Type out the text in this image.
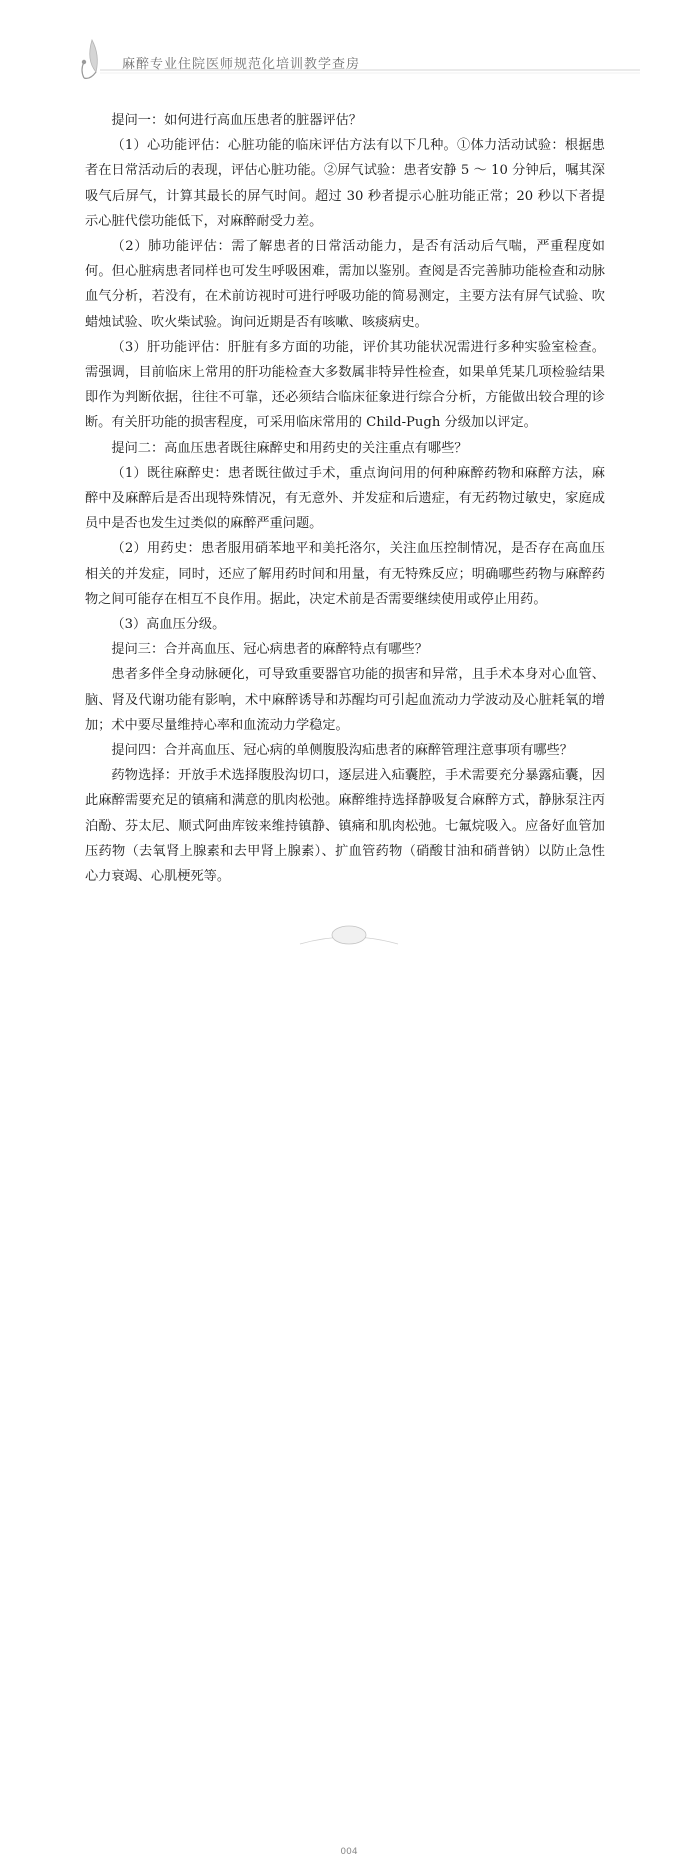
麻醉专业住院医师规范化培训教学查房

提问一：如何进行高血压患者的脏器评估？

（1）心功能评估：心脏功能的临床评估方法有以下几种。①体力活动试验：根据患者在日常活动后的表现，评估心脏功能。②屏气试验：患者安静 5 ～ 10 分钟后，嘱其深吸气后屏气，计算其最长的屏气时间。超过 30 秒者提示心脏功能正常；20 秒以下者提示心脏代偿功能低下，对麻醉耐受力差。

（2）肺功能评估：需了解患者的日常活动能力，是否有活动后气喘，严重程度如何。但心脏病患者同样也可发生呼吸困难，需加以鉴别。查阅是否完善肺功能检查和动脉血气分析，若没有，在术前访视时可进行呼吸功能的简易测定，主要方法有屏气试验、吹蜡烛试验、吹火柴试验。询问近期是否有咳嗽、咳痰病史。

（3）肝功能评估：肝脏有多方面的功能，评价其功能状况需进行多种实验室检查。需强调，目前临床上常用的肝功能检查大多数属非特异性检查，如果单凭某几项检验结果即作为判断依据，往往不可靠，还必须结合临床征象进行综合分析，方能做出较合理的诊断。有关肝功能的损害程度，可采用临床常用的 Child-Pugh 分级加以评定。

提问二：高血压患者既往麻醉史和用药史的关注重点有哪些？

（1）既往麻醉史：患者既往做过手术，重点询问用的何种麻醉药物和麻醉方法，麻醉中及麻醉后是否出现特殊情况，有无意外、并发症和后遗症，有无药物过敏史，家庭成员中是否也发生过类似的麻醉严重问题。

（2）用药史：患者服用硝苯地平和美托洛尔，关注血压控制情况，是否存在高血压相关的并发症，同时，还应了解用药时间和用量，有无特殊反应；明确哪些药物与麻醉药物之间可能存在相互不良作用。据此，决定术前是否需要继续使用或停止用药。

（3）高血压分级。

提问三：合并高血压、冠心病患者的麻醉特点有哪些？

患者多伴全身动脉硬化，可导致重要器官功能的损害和异常，且手术本身对心血管、脑、肾及代谢功能有影响，术中麻醉诱导和苏醒均可引起血流动力学波动及心脏耗氧的增加；术中要尽量维持心率和血流动力学稳定。

提问四：合并高血压、冠心病的单侧腹股沟疝患者的麻醉管理注意事项有哪些？

药物选择：开放手术选择腹股沟切口，逐层进入疝囊腔，手术需要充分暴露疝囊，因此麻醉需要充足的镇痛和满意的肌肉松弛。麻醉维持选择静吸复合麻醉方式，静脉泵注丙泊酚、芬太尼、顺式阿曲库铵来维持镇静、镇痛和肌肉松弛。七氟烷吸入。应备好血管加压药物（去氧肾上腺素和去甲肾上腺素）、扩血管药物（硝酸甘油和硝普钠）以防止急性心力衰竭、心肌梗死等。

004
